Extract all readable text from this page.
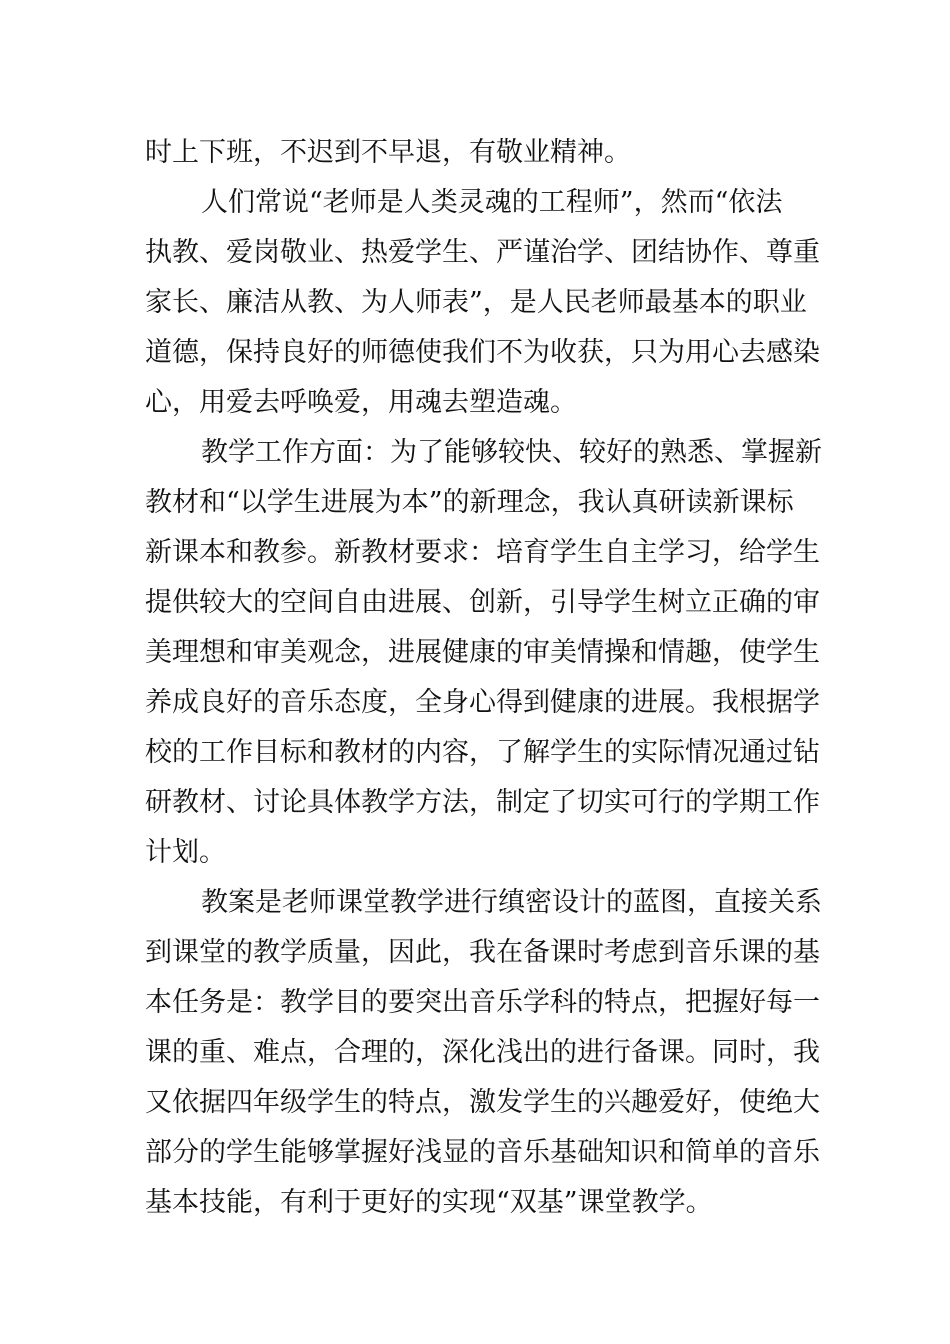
时上下班，不迟到不早退，有敬业精神。
人们常说“老师是人类灵魂的工程师”，然而“依法
执教、爱岗敬业、热爱学生、严谨治学、团结协作、尊重
家长、廉洁从教、为人师表”，是人民老师最基本的职业
道德，保持良好的师德使我们不为收获，只为用心去感染
心，用爱去呼唤爱，用魂去塑造魂。
教学工作方面：为了能够较快、较好的熟悉、掌握新
教材和“以学生进展为本”的新理念，我认真研读新课标
新课本和教参。新教材要求：培育学生自主学习，给学生
提供较大的空间自由进展、创新，引导学生树立正确的审
美理想和审美观念，进展健康的审美情操和情趣，使学生
养成良好的音乐态度，全身心得到健康的进展。我根据学
校的工作目标和教材的内容，了解学生的实际情况通过钻
研教材、讨论具体教学方法，制定了切实可行的学期工作
计划。
教案是老师课堂教学进行缜密设计的蓝图，直接关系
到课堂的教学质量，因此，我在备课时考虑到音乐课的基
本任务是：教学目的要突出音乐学科的特点，把握好每一
课的重、难点，合理的，深化浅出的进行备课。同时，我
又依据四年级学生的特点，激发学生的兴趣爱好，使绝大
部分的学生能够掌握好浅显的音乐基础知识和简单的音乐
基本技能，有利于更好的实现“双基”课堂教学。
